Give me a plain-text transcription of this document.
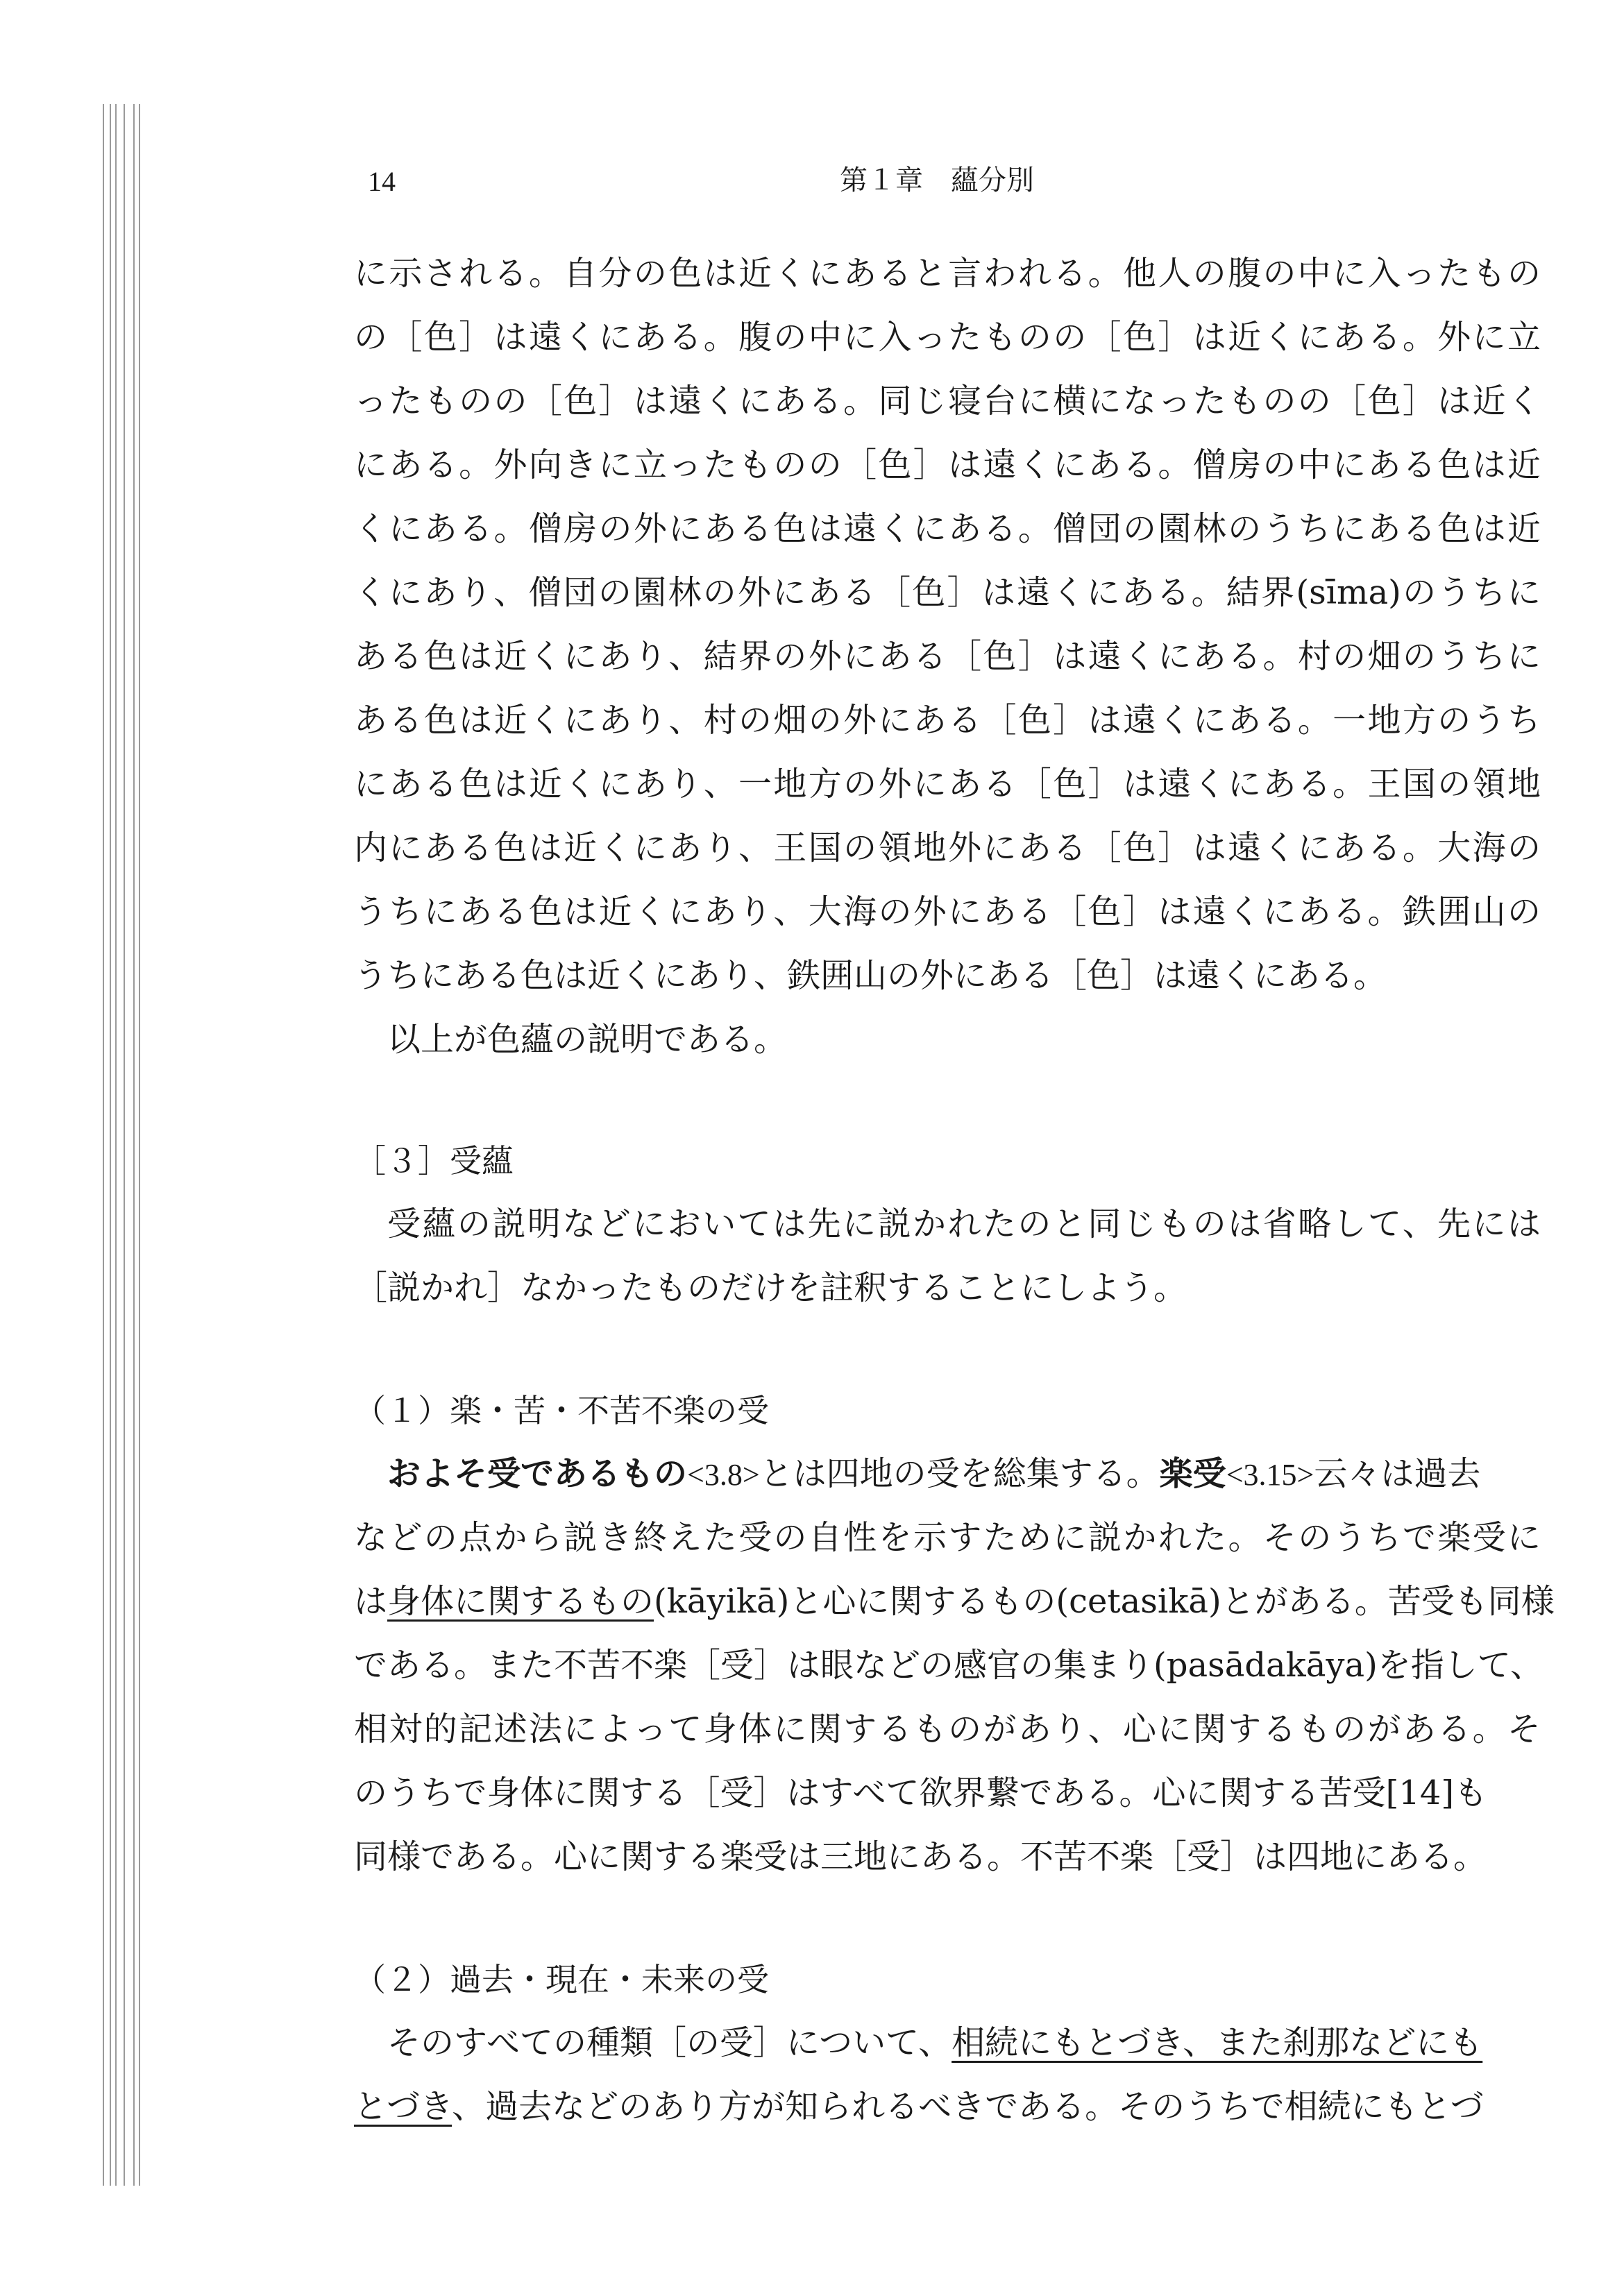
14	第１章　蘊分別
に示される。自分の色は近くにあると言われる。他人の腹の中に入ったもの
の［色］は遠くにある。腹の中に入ったものの［色］は近くにある。外に立
ったものの［色］は遠くにある。同じ寝台に横になったものの［色］は近く
にある。外向きに立ったものの［色］は遠くにある。僧房の中にある色は近
くにある。僧房の外にある色は遠くにある。僧団の園林のうちにある色は近
くにあり、僧団の園林の外にある［色］は遠くにある。結界(sīma)のうちに
ある色は近くにあり、結界の外にある［色］は遠くにある。村の畑のうちに
ある色は近くにあり、村の畑の外にある［色］は遠くにある。一地方のうち
にある色は近くにあり、一地方の外にある［色］は遠くにある。王国の領地
内にある色は近くにあり、王国の領地外にある［色］は遠くにある。大海の
うちにある色は近くにあり、大海の外にある［色］は遠くにある。鉄囲山の
うちにある色は近くにあり、鉄囲山の外にある［色］は遠くにある。
以上が色蘊の説明である。
［３］受蘊
受蘊の説明などにおいては先に説かれたのと同じものは省略して、先には
［説かれ］なかったものだけを註釈することにしよう。
（１）楽・苦・不苦不楽の受
およそ受であるもの<3.8>とは四地の受を総集する。楽受<3.15>云々は過去
などの点から説き終えた受の自性を示すために説かれた。そのうちで楽受に
は身体に関するもの(kāyikā)と心に関するもの(cetasikā)とがある。苦受も同様
である。また不苦不楽［受］は眼などの感官の集まり(pasādakāya)を指して、
相対的記述法によって身体に関するものがあり、心に関するものがある。そ
のうちで身体に関する［受］はすべて欲界繋である。心に関する苦受[14]も
同様である。心に関する楽受は三地にある。不苦不楽［受］は四地にある。
（２）過去・現在・未来の受
そのすべての種類［の受］について、相続にもとづき、また刹那などにも
とづき、過去などのあり方が知られるべきである。そのうちで相続にもとづ
